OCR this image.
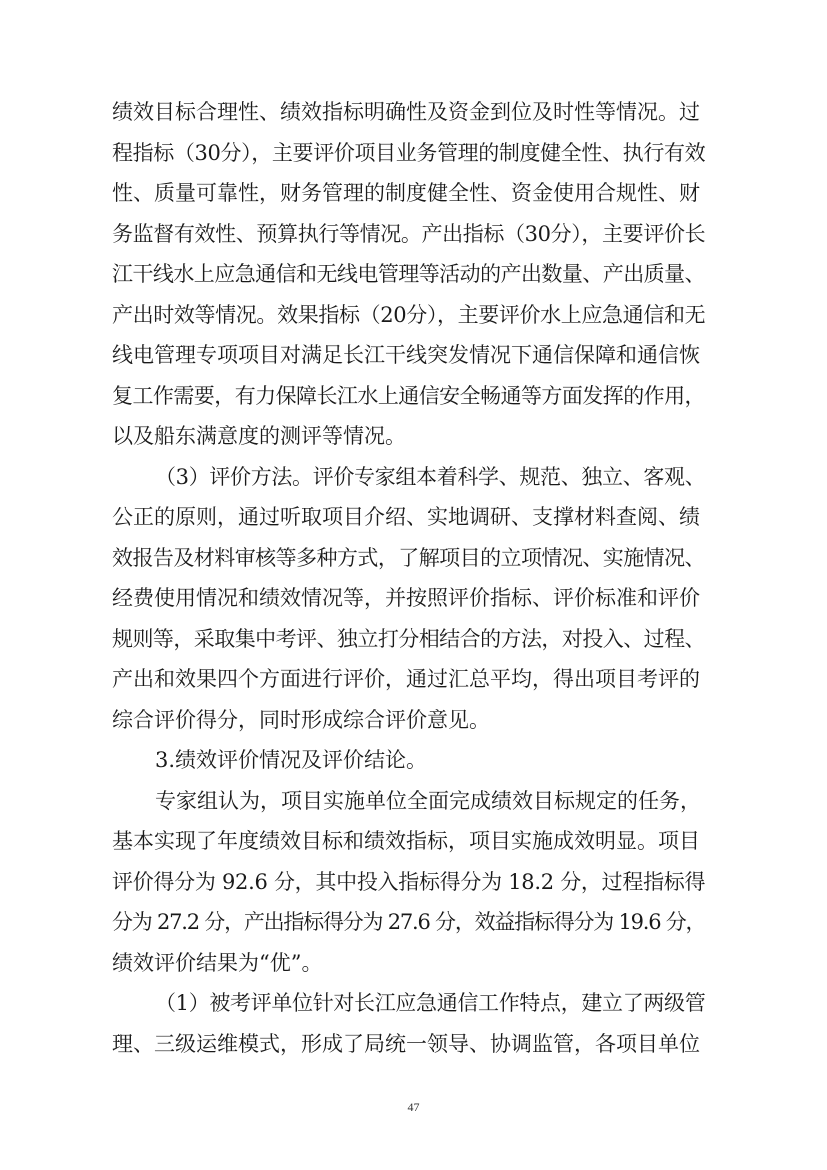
绩效目标合理性、绩效指标明确性及资金到位及时性等情况。过
程指标（30分），主要评价项目业务管理的制度健全性、执行有效
性、质量可靠性，财务管理的制度健全性、资金使用合规性、财
务监督有效性、预算执行等情况。产出指标（30分），主要评价长
江干线水上应急通信和无线电管理等活动的产出数量、产出质量、
产出时效等情况。效果指标（20分），主要评价水上应急通信和无
线电管理专项项目对满足长江干线突发情况下通信保障和通信恢
复工作需要，有力保障长江水上通信安全畅通等方面发挥的作用，
以及船东满意度的测评等情况。
（3）评价方法。评价专家组本着科学、规范、独立、客观、
公正的原则，通过听取项目介绍、实地调研、支撑材料查阅、绩
效报告及材料审核等多种方式，了解项目的立项情况、实施情况、
经费使用情况和绩效情况等，并按照评价指标、评价标准和评价
规则等，采取集中考评、独立打分相结合的方法，对投入、过程、
产出和效果四个方面进行评价，通过汇总平均，得出项目考评的
综合评价得分，同时形成综合评价意见。
3.绩效评价情况及评价结论。
专家组认为，项目实施单位全面完成绩效目标规定的任务，
基本实现了年度绩效目标和绩效指标，项目实施成效明显。项目
评价得分为 92.6 分，其中投入指标得分为 18.2 分，过程指标得
分为 27.2 分，产出指标得分为 27.6 分，效益指标得分为 19.6 分，
绩效评价结果为“优”。
（1）被考评单位针对长江应急通信工作特点，建立了两级管
理、三级运维模式，形成了局统一领导、协调监管，各项目单位
47
